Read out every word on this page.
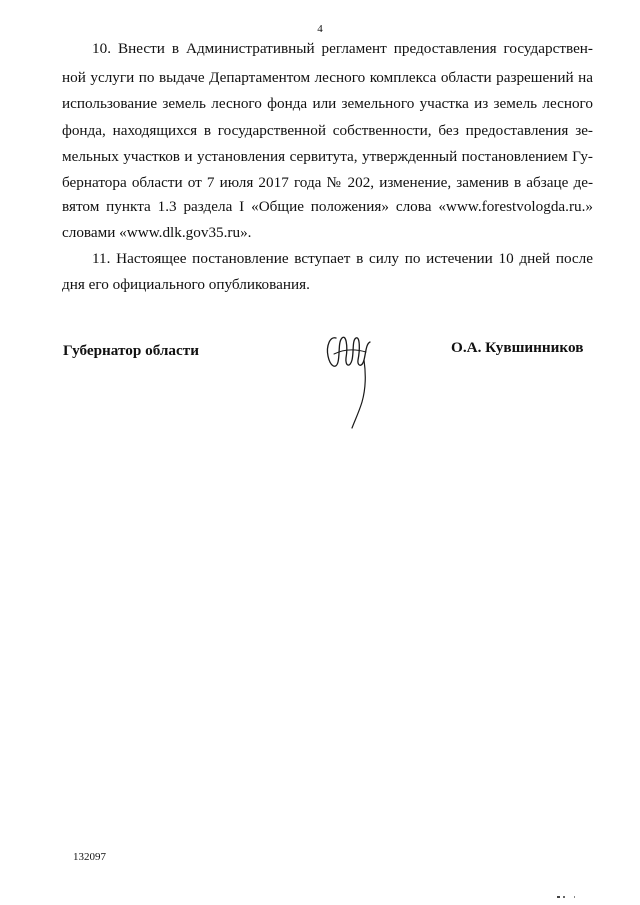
4
10. Внести в Административный регламент предоставления государствен-
ной услуги по выдаче Департаментом лесного комплекса области разрешений на
использование земель лесного фонда или земельного участка из земель лесного
фонда, находящихся в государственной собственности, без предоставления зе-
мельных участков и установления сервитута, утвержденный постановлением Гу-
бернатора области от 7 июля 2017 года № 202, изменение, заменив в абзаце де-
вятом пункта 1.3 раздела I «Общие положения» слова «www.forestvologda.ru.»
словами «www.dlk.gov35.ru».
11. Настоящее постановление вступает в силу по истечении 10 дней после
дня его официального опубликования.
Губернатор области	О.А. Кувшинников
132097
